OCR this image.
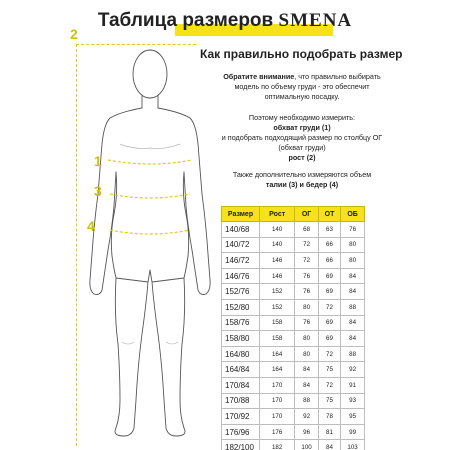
Таблица размеров SMENA
2
1
3
4
Как правильно подобрать размер
Обратите внимание, что правильно выбирать модель по объему груди - это обеспечит оптимальную посадку.
Поэтому необходимо измерить:
обхват груди (1)
и подобрать подходящий размер по столбцу ОГ (обхват груди)
рост (2)
Также дополнительно измеряются объем
талии (3) и бедер (4)
Размер	Рост	ОГ	ОТ	ОБ
140/68	140	68	63	76
140/72	140	72	66	80
146/72	146	72	66	80
146/76	146	76	69	84
152/76	152	76	69	84
152/80	152	80	72	88
158/76	158	76	69	84
158/80	158	80	69	84
164/80	164	80	72	88
164/84	164	84	75	92
170/84	170	84	72	91
170/88	170	88	75	93
170/92	170	92	78	95
176/96	176	96	81	99
182/100	182	100	84	103
